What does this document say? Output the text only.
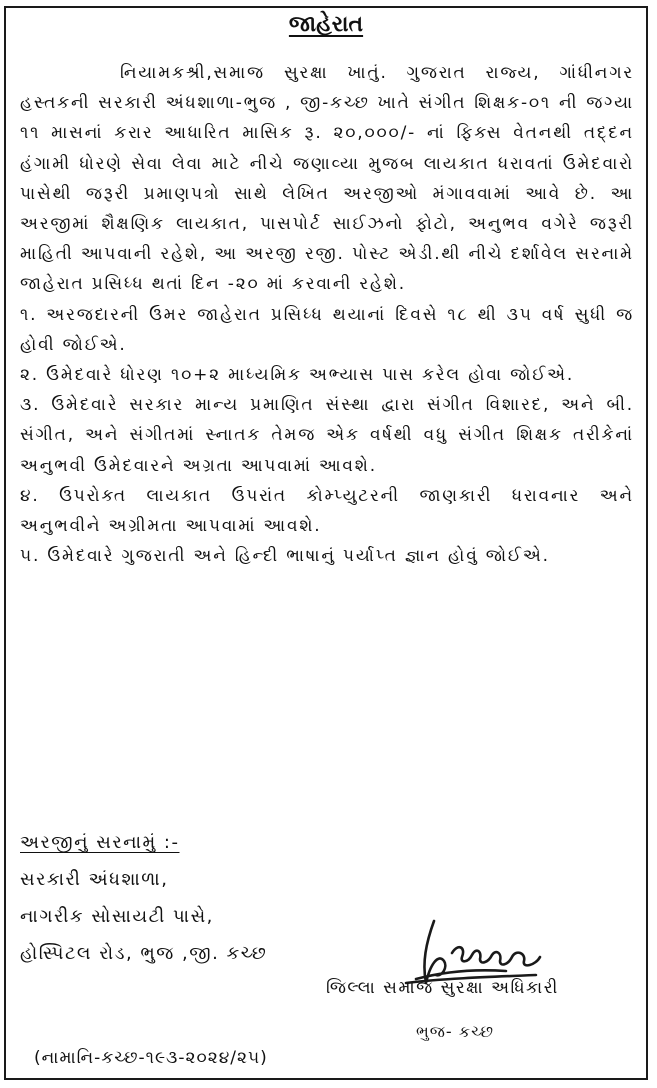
જાહેરાત

નિયામકશ્રી,સમાજ સુરક્ષા ખાતું. ગુજરાત રાજ્ય, ગાંધીનગર હસ્તકની સરકારી અંધશાળા-ભુજ , જી-કચ્છ ખાતે સંગીત શિક્ષક-૦૧ ની જગ્યા ૧૧ માસનાં કરાર આધારિત માસિક રૂ. ૨૦,૦૦૦/- નાં ફિક્સ વેતનથી તદ્દન હંગામી ધોરણે સેવા લેવા માટે નીચે જણાવ્યા મુજબ લાયકાત ધરાવતાં ઉમેદવારો પાસેથી જરૂરી પ્રમાણપત્રો સાથે લેખિત અરજીઓ મંગાવવામાં આવે છે. આ અરજીમાં શૈક્ષણિક લાયકાત, પાસપોર્ટ સાઈઝનો ફોટો, અનુભવ વગેરે જરૂરી માહિતી આપવાની રહેશે, આ અરજી રજી. પોસ્ટ એડી.થી નીચે દર્શાવેલ સરનામે જાહેરાત પ્રસિધ્ધ થતાં દિન -૨૦ માં કરવાની રહેશે.

૧. અરજદારની ઉમર જાહેરાત પ્રસિધ્ધ થયાનાં દિવસે ૧૮ થી ૩૫ વર્ષ સુધી જ હોવી જોઈએ.

૨. ઉમેદવારે ધોરણ ૧૦+૨ માધ્યમિક અભ્યાસ પાસ કરેલ હોવા જોઈએ.

૩. ઉમેદવારે સરકાર માન્ય પ્રમાણિત સંસ્થા દ્વારા સંગીત વિશારદ, અને બી. સંગીત, અને સંગીતમાં સ્નાતક તેમજ એક વર્ષથી વધુ સંગીત શિક્ષક તરીકેનાં અનુભવી ઉમેદવારને અગ્રતા આપવામાં આવશે.

૪. ઉપરોક્ત લાયકાત ઉપરાંત કોમ્પ્યુટરની જાણકારી ધરાવનાર અને અનુભવીને અગ્રીમતા આપવામાં આવશે.

૫. ઉમેદવારે ગુજરાતી અને હિન્દી ભાષાનું પર્યાપ્ત જ્ઞાન હોવું જોઈએ.

અરજીનું સરનામું :-
સરકારી અંધશાળા,
નાગરીક સોસાયટી પાસે,
હોસ્પિટલ રોડ, ભુજ ,જી. કચ્છ
જિલ્લા સમાજ સુરક્ષા અધિકારી
ભુજ- કચ્છ
(નામાનિ-કચ્છ-૧૯૩-૨૦૨૪/૨૫)
